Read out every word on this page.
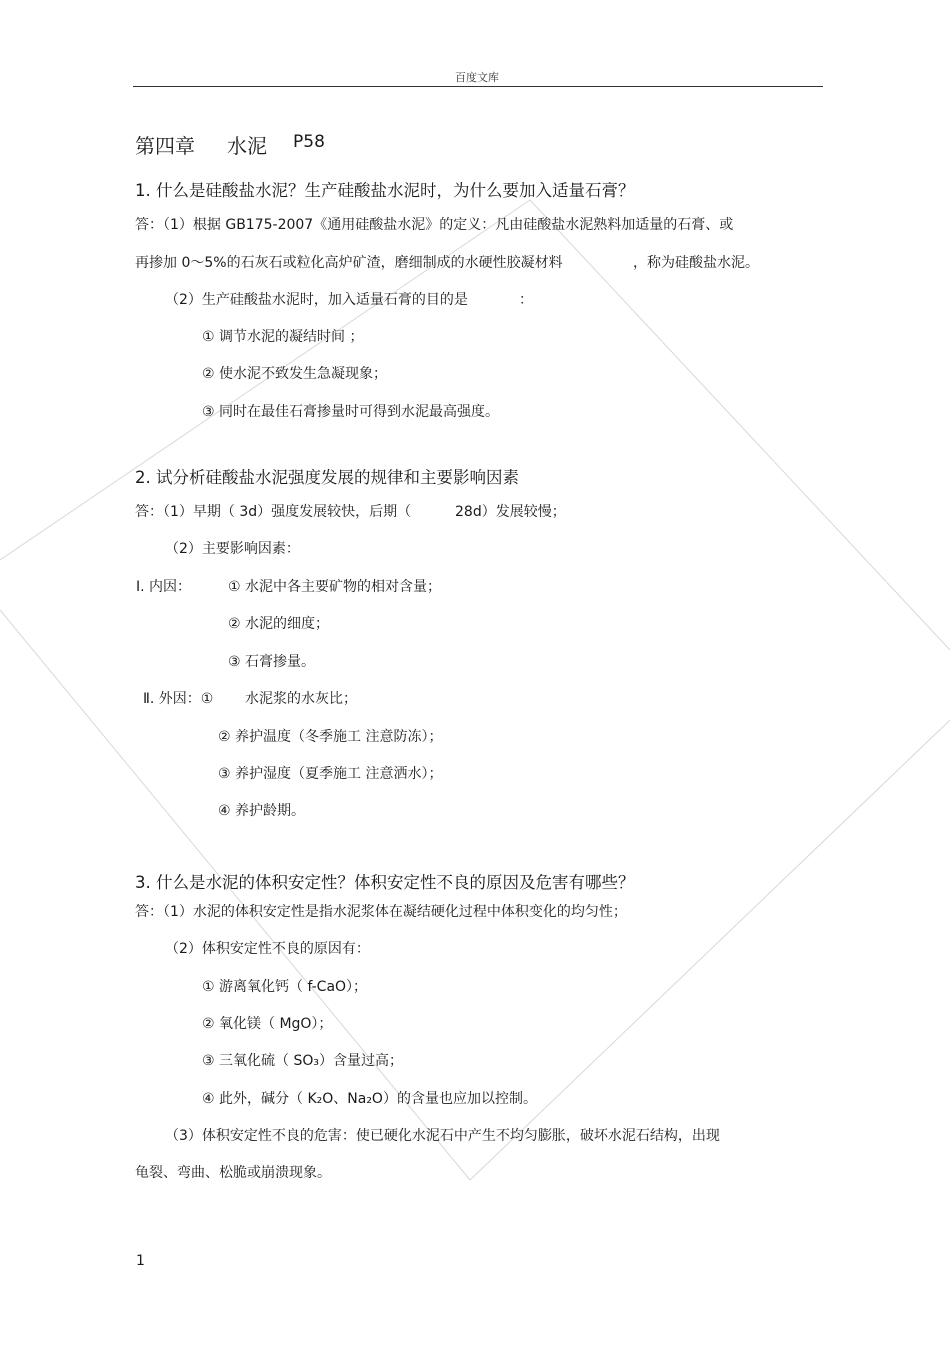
百度文库
第四章 水泥 P58
1. 什么是硅酸盐水泥？生产硅酸盐水泥时，为什么要加入适量石膏？
答：（1）根据 GB175-2007《通用硅酸盐水泥》的定义：凡由硅酸盐水泥熟料加适量的石膏、或
再掺加 0～5%的石灰石或粒化高炉矿渣，磨细制成的水硬性胶凝材料	，称为硅酸盐水泥。
（2）生产硅酸盐水泥时，加入适量石膏的目的是	：
① 调节水泥的凝结时间 ；
② 使水泥不致发生急凝现象；
③ 同时在最佳石膏掺量时可得到水泥最高强度。
2. 试分析硅酸盐水泥强度发展的规律和主要影响因素
答：（1）早期（ 3d）强度发展较快，后期（	28d）发展较慢；
（2）主要影响因素：
Ⅰ. 内因：	① 水泥中各主要矿物的相对含量；
② 水泥的细度；
③ 石膏掺量。
Ⅱ. 外因：① 水泥浆的水灰比；
② 养护温度（冬季施工 注意防冻）；
③ 养护湿度（夏季施工 注意洒水）；
④ 养护龄期。
3. 什么是水泥的体积安定性？体积安定性不良的原因及危害有哪些？
答：（1）水泥的体积安定性是指水泥浆体在凝结硬化过程中体积变化的均匀性；
（2）体积安定性不良的原因有：
① 游离氧化钙（ f-CaO）；
② 氧化镁（ MgO）；
③ 三氧化硫（ SO₃）含量过高；
④ 此外，碱分（ K₂O、Na₂O）的含量也应加以控制。
（3）体积安定性不良的危害：使已硬化水泥石中产生不均匀膨胀，破坏水泥石结构，出现
龟裂、弯曲、松脆或崩溃现象。
1
